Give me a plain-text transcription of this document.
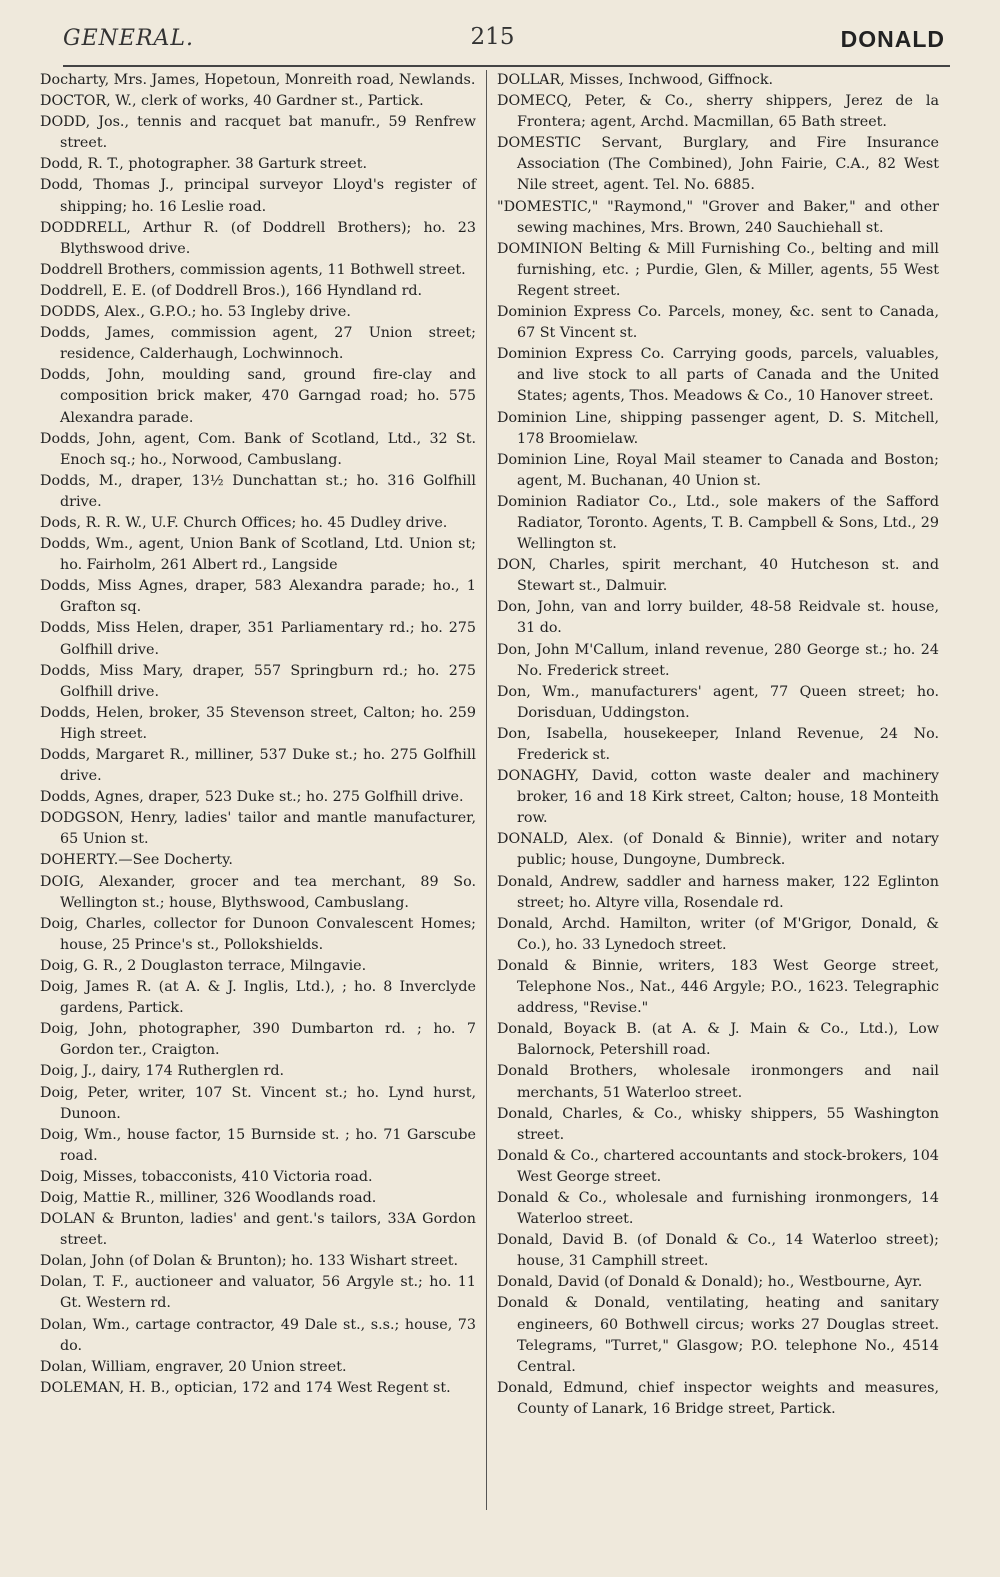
GENERAL.	215	DONALD
Docharty, Mrs. James, Hopetoun, Monreith road, Newlands.
DOCTOR, W., clerk of works, 40 Gardner st., Partick.
DODD, Jos., tennis and racquet bat manufr., 59 Renfrew street.
Dodd, R. T., photographer. 38 Garturk street.
Dodd, Thomas J., principal surveyor Lloyd's register of shipping; ho. 16 Leslie road.
DODDRELL, Arthur R. (of Doddrell Brothers); ho. 23 Blythswood drive.
Doddrell Brothers, commission agents, 11 Bothwell street.
Doddrell, E. E. (of Doddrell Bros.), 166 Hyndland rd.
DODDS, Alex., G.P.O.; ho. 53 Ingleby drive.
Dodds, James, commission agent, 27 Union street; residence, Calderhaugh, Lochwinnoch.
Dodds, John, moulding sand, ground fire-clay and composition brick maker, 470 Garngad road; ho. 575 Alexandra parade.
Dodds, John, agent, Com. Bank of Scotland, Ltd., 32 St. Enoch sq.; ho., Norwood, Cambuslang.
Dodds, M., draper, 13½ Dunchattan st.; ho. 316 Golfhill drive.
Dods, R. R. W., U.F. Church Offices; ho. 45 Dudley drive.
Dodds, Wm., agent, Union Bank of Scotland, Ltd. Union st; ho. Fairholm, 261 Albert rd., Langside
Dodds, Miss Agnes, draper, 583 Alexandra parade; ho., 1 Grafton sq.
Dodds, Miss Helen, draper, 351 Parliamentary rd.; ho. 275 Golfhill drive.
Dodds, Miss Mary, draper, 557 Springburn rd.; ho. 275 Golfhill drive.
Dodds, Helen, broker, 35 Stevenson street, Calton; ho. 259 High street.
Dodds, Margaret R., milliner, 537 Duke st.; ho. 275 Golfhill drive.
Dodds, Agnes, draper, 523 Duke st.; ho. 275 Golfhill drive.
DODGSON, Henry, ladies' tailor and mantle manufacturer, 65 Union st.
DOHERTY.—See Docherty.
DOIG, Alexander, grocer and tea merchant, 89 So. Wellington st.; house, Blythswood, Cambuslang.
Doig, Charles, collector for Dunoon Convalescent Homes; house, 25 Prince's st., Pollokshields.
Doig, G. R., 2 Douglaston terrace, Milngavie.
Doig, James R. (at A. & J. Inglis, Ltd.), ; ho. 8 Inverclyde gardens, Partick.
Doig, John, photographer, 390 Dumbarton rd. ; ho. 7 Gordon ter., Craigton.
Doig, J., dairy, 174 Rutherglen rd.
Doig, Peter, writer, 107 St. Vincent st.; ho. Lynd hurst, Dunoon.
Doig, Wm., house factor, 15 Burnside st. ; ho. 71 Garscube road.
Doig, Misses, tobacconists, 410 Victoria road.
Doig, Mattie R., milliner, 326 Woodlands road.
DOLAN & Brunton, ladies' and gent.'s tailors, 33A Gordon street.
Dolan, John (of Dolan & Brunton); ho. 133 Wishart street.
Dolan, T. F., auctioneer and valuator, 56 Argyle st.; ho. 11 Gt. Western rd.
Dolan, Wm., cartage contractor, 49 Dale st., s.s.; house, 73 do.
Dolan, William, engraver, 20 Union street.
DOLEMAN, H. B., optician, 172 and 174 West Regent st.
DOLLAR, Misses, Inchwood, Giffnock.
DOMECQ, Peter, & Co., sherry shippers, Jerez de la Frontera; agent, Archd. Macmillan, 65 Bath street.
DOMESTIC Servant, Burglary, and Fire Insurance Association (The Combined), John Fairie, C.A., 82 West Nile street, agent. Tel. No. 6885.
"DOMESTIC," "Raymond," "Grover and Baker," and other sewing machines, Mrs. Brown, 240 Sauchiehall st.
DOMINION Belting & Mill Furnishing Co., belting and mill furnishing, etc. ; Purdie, Glen, & Miller, agents, 55 West Regent street.
Dominion Express Co. Parcels, money, &c. sent to Canada, 67 St Vincent st.
Dominion Express Co. Carrying goods, parcels, valuables, and live stock to all parts of Canada and the United States; agents, Thos. Meadows & Co., 10 Hanover street.
Dominion Line, shipping passenger agent, D. S. Mitchell, 178 Broomielaw.
Dominion Line, Royal Mail steamer to Canada and Boston; agent, M. Buchanan, 40 Union st.
Dominion Radiator Co., Ltd., sole makers of the Safford Radiator, Toronto. Agents, T. B. Campbell & Sons, Ltd., 29 Wellington st.
DON, Charles, spirit merchant, 40 Hutcheson st. and Stewart st., Dalmuir.
Don, John, van and lorry builder, 48-58 Reidvale st. house, 31 do.
Don, John M'Callum, inland revenue, 280 George st.; ho. 24 No. Frederick street.
Don, Wm., manufacturers' agent, 77 Queen street; ho. Dorisduan, Uddingston.
Don, Isabella, housekeeper, Inland Revenue, 24 No. Frederick st.
DONAGHY, David, cotton waste dealer and machinery broker, 16 and 18 Kirk street, Calton; house, 18 Monteith row.
DONALD, Alex. (of Donald & Binnie), writer and notary public; house, Dungoyne, Dumbreck.
Donald, Andrew, saddler and harness maker, 122 Eglinton street; ho. Altyre villa, Rosendale rd.
Donald, Archd. Hamilton, writer (of M'Grigor, Donald, & Co.), ho. 33 Lynedoch street.
Donald & Binnie, writers, 183 West George street, Telephone Nos., Nat., 446 Argyle; P.O., 1623. Telegraphic address, "Revise."
Donald, Boyack B. (at A. & J. Main & Co., Ltd.), Low Balornock, Petershill road.
Donald Brothers, wholesale ironmongers and nail merchants, 51 Waterloo street.
Donald, Charles, & Co., whisky shippers, 55 Washington street.
Donald & Co., chartered accountants and stock-brokers, 104 West George street.
Donald & Co., wholesale and furnishing ironmongers, 14 Waterloo street.
Donald, David B. (of Donald & Co., 14 Waterloo street); house, 31 Camphill street.
Donald, David (of Donald & Donald); ho., Westbourne, Ayr.
Donald & Donald, ventilating, heating and sanitary engineers, 60 Bothwell circus; works 27 Douglas street. Telegrams, "Turret," Glasgow; P.O. telephone No., 4514 Central.
Donald, Edmund, chief inspector weights and measures, County of Lanark, 16 Bridge street, Partick.
